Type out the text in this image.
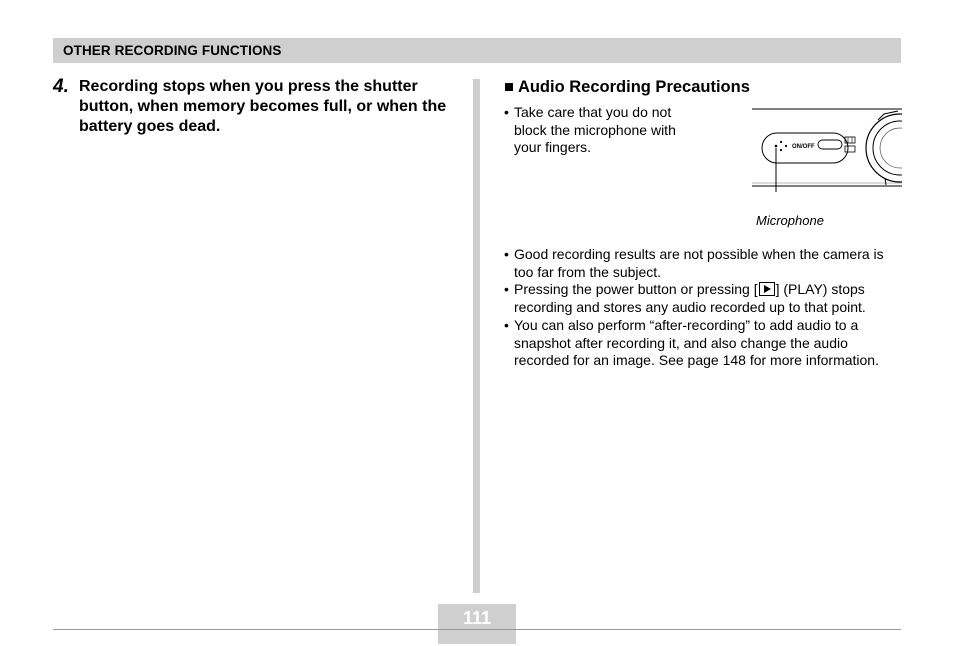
OTHER RECORDING FUNCTIONS
4. Recording stops when you press the shutter button, when memory becomes full, or when the battery goes dead.
■ Audio Recording Precautions
• Take care that you do not block the microphone with your fingers.	ON/OFF
Microphone
• Good recording results are not possible when the camera is too far from the subject.
• Pressing the power button or pressing [ ] (PLAY) stops recording and stores any audio recorded up to that point.
• You can also perform “after-recording” to add audio to a snapshot after recording it, and also change the audio recorded for an image. See page 148 for more information.
111
